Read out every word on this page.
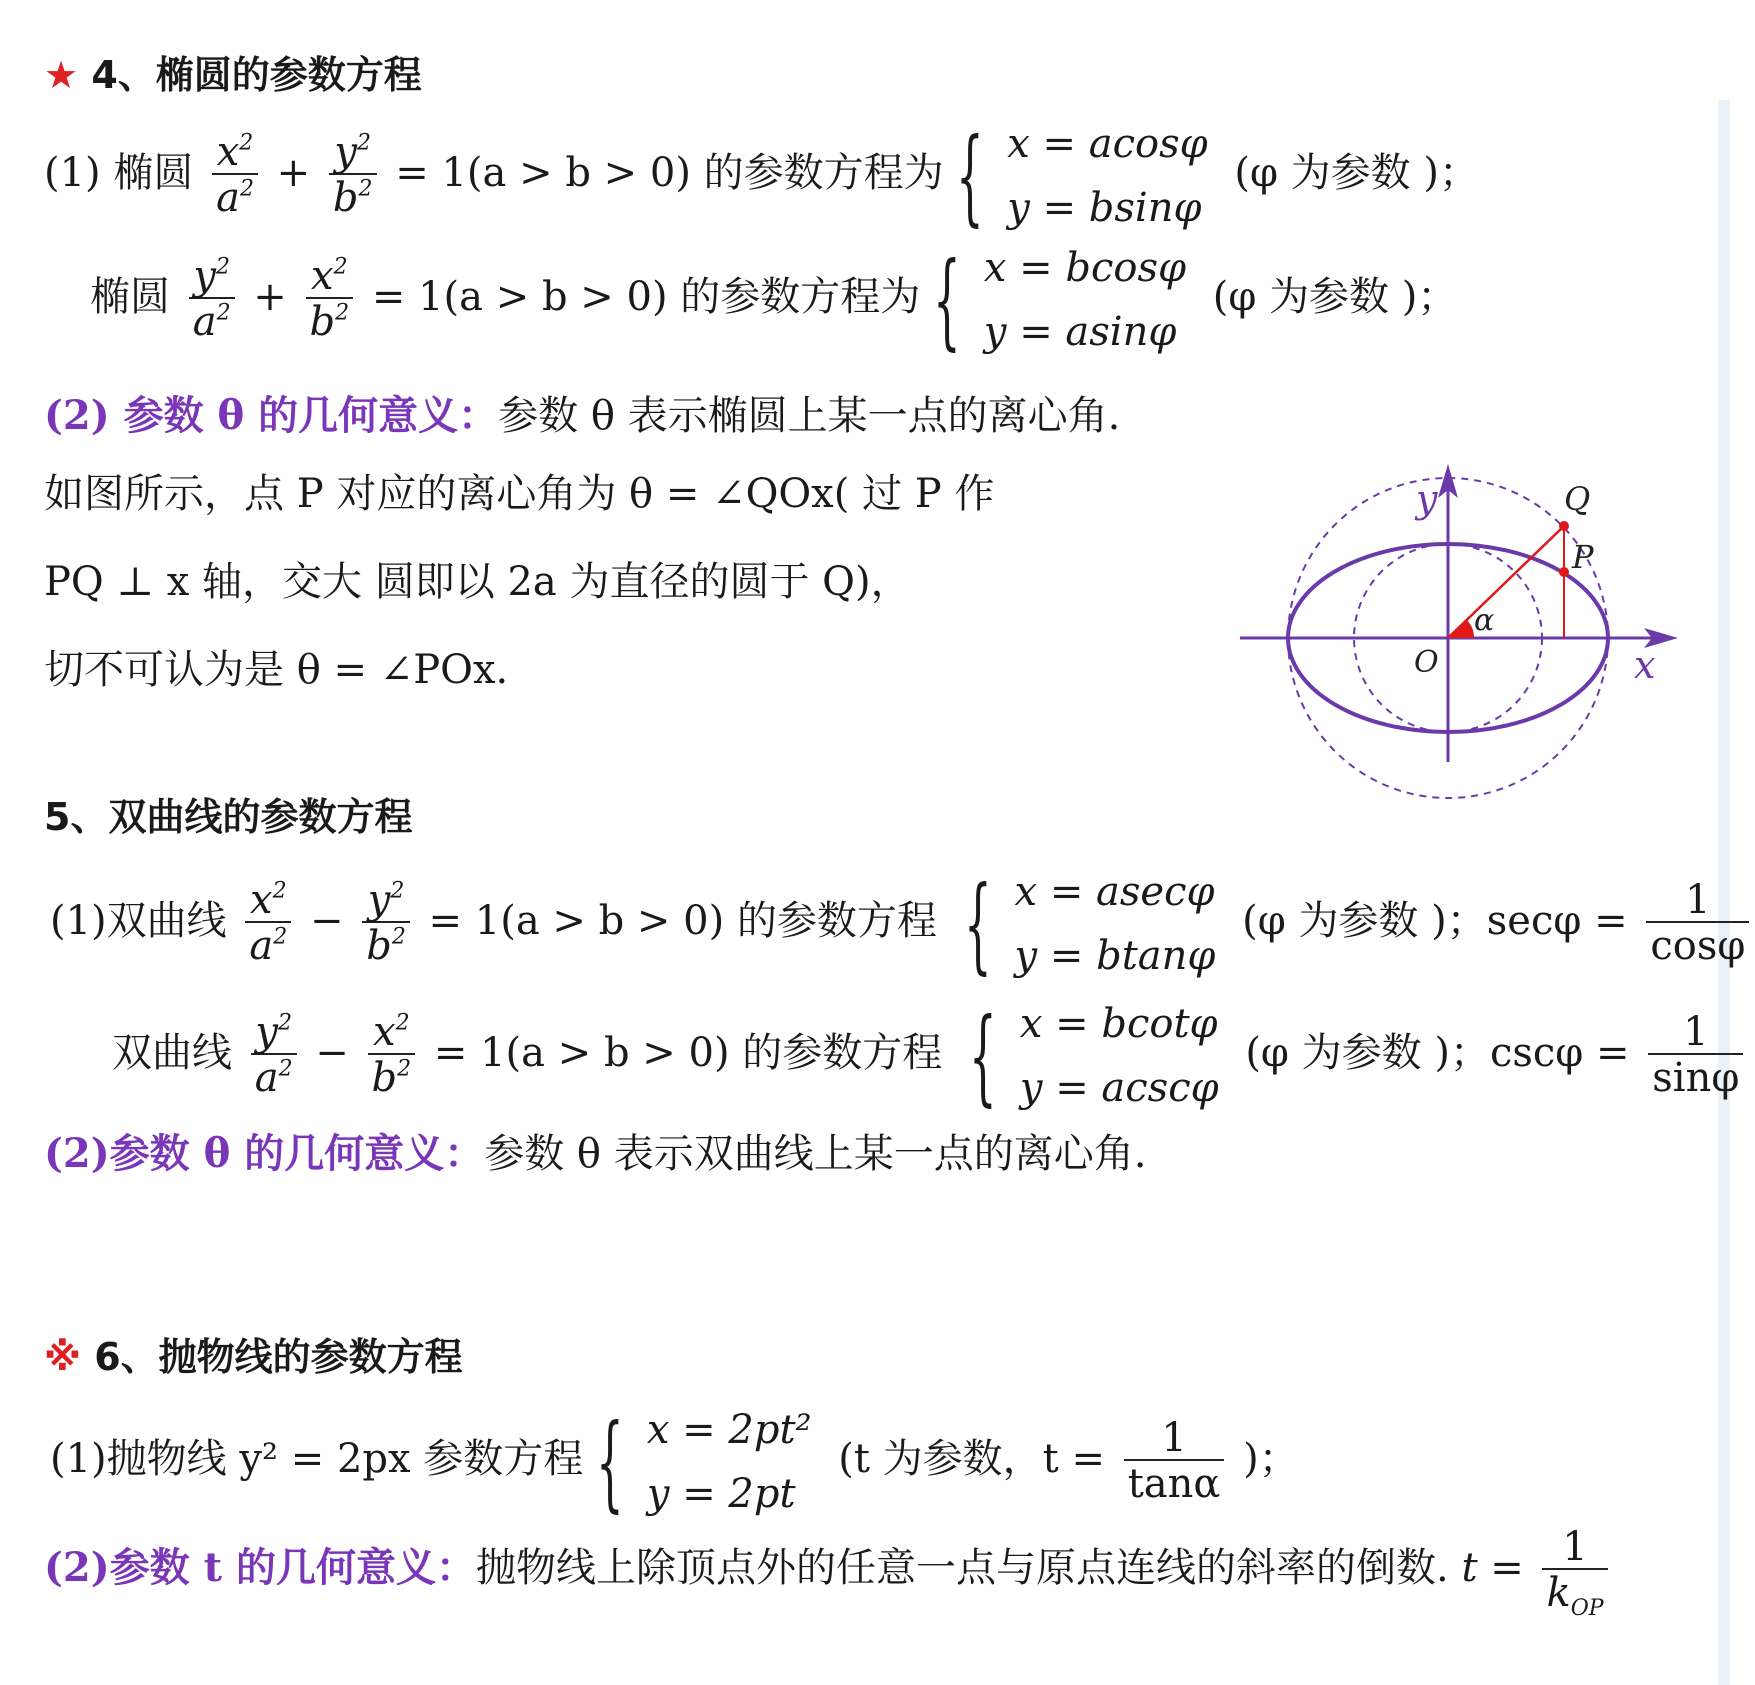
★ 4、椭圆的参数方程
(1) 椭圆 $\frac{x^2}{a^2} + \frac{y^2}{b^2} = 1(a > b > 0)$ 的参数方程为 { x = acosφ
y = bsinφ
(φ 为参数 )；
椭圆 $\frac{y^2}{a^2} + \frac{x^2}{b^2} = 1(a > b > 0)$ 的参数方程为 { x = bcosφ
y = asinφ
(φ 为参数 )；
(2) 参数 θ 的几何意义：参数 θ 表示椭圆上某一点的离心角.
如图所示，点 P 对应的离心角为 θ = ∠QOx( 过 P 作
PQ ⊥ x 轴，交大 圆即以 2a 为直径的圆于 Q)，
切不可认为是 θ = ∠POx.
y
x
O
Q
P
α
5、双曲线的参数方程
(1)双曲线 $\frac{x^2}{a^2} - \frac{y^2}{b^2} = 1(a > b > 0)$ 的参数方程 { x = asecφ
y = btanφ
(φ 为参数 )；$\sec\varphi = \frac{1}{\cos\varphi}$
双曲线 $\frac{y^2}{a^2} - \frac{x^2}{b^2} = 1(a > b > 0)$ 的参数方程 { x = bcotφ
y = acscφ
(φ 为参数 )；$\csc\varphi = \frac{1}{\sin\varphi}$
(2)参数 θ 的几何意义：参数 θ 表示双曲线上某一点的离心角.
※ 6、抛物线的参数方程
(1)抛物线 y² = 2px 参数方程 { x = 2pt²
y = 2pt
(t 为参数，$t = \frac{1}{\tan\alpha}$ )；
(2)参数 t 的几何意义：抛物线上除顶点外的任意一点与原点连线的斜率的倒数. $t = \frac{1}{k_{OP}}$
